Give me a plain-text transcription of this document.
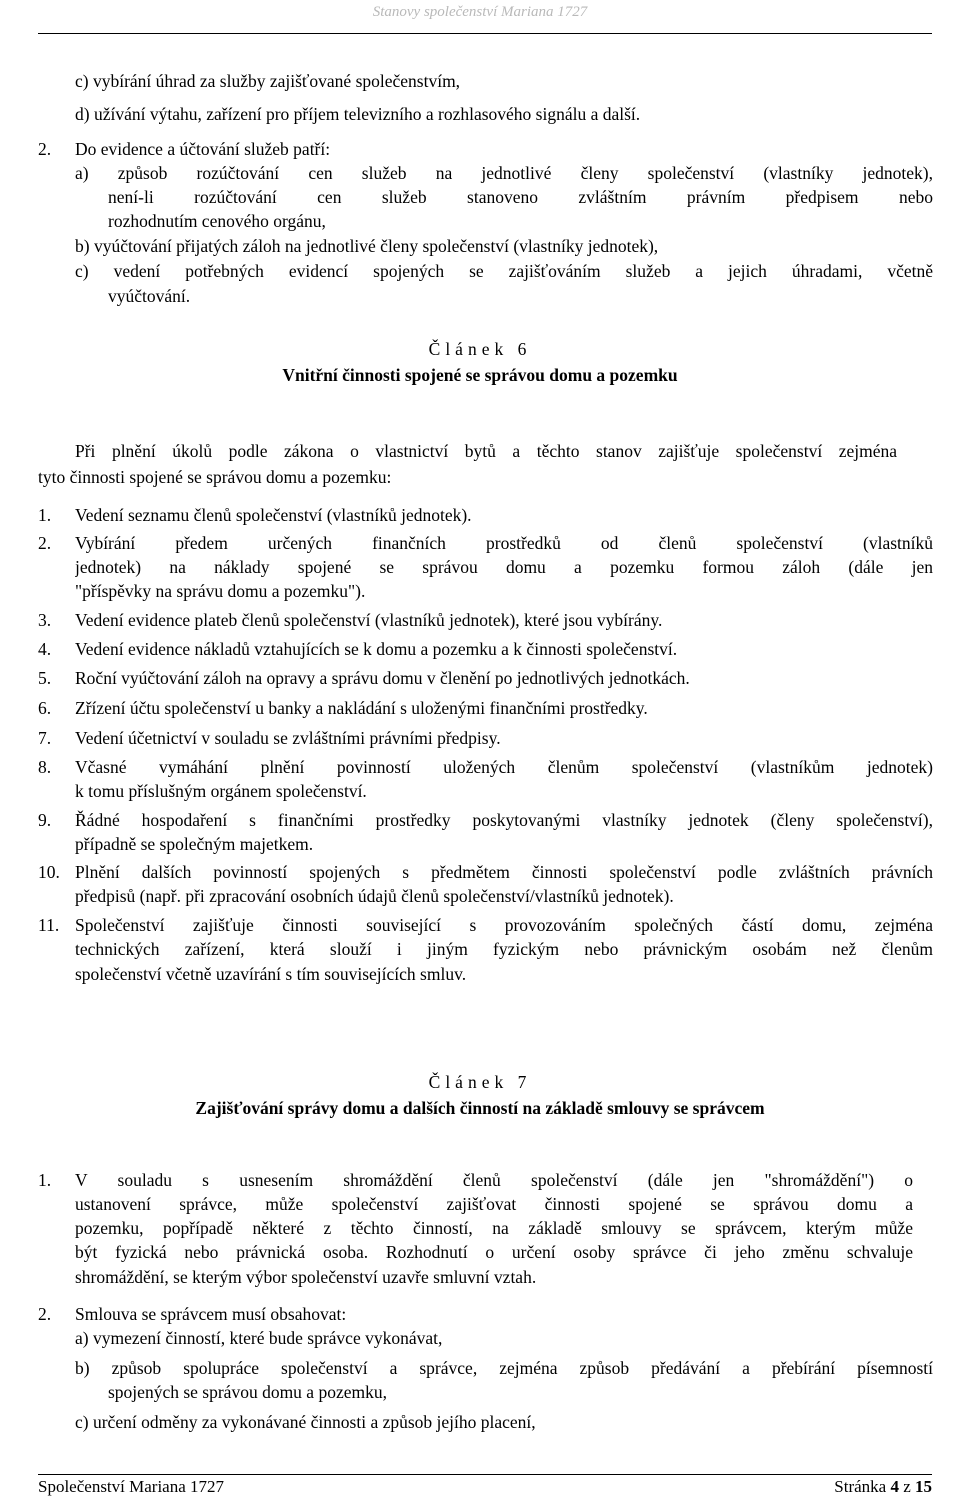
Stanovy společenství Mariana 1727
c) vybírání úhrad za služby zajišťované společenstvím,
d) užívání výtahu, zařízení pro příjem televizního a rozhlasového signálu a další.
2. Do evidence a účtování služeb patří:
a) způsob rozúčtování cen služeb na jednotlivé členy společenství (vlastníky jednotek),
není-li rozúčtování cen služeb stanoveno zvláštním právním předpisem nebo
rozhodnutím cenového orgánu,
b) vyúčtování přijatých záloh na jednotlivé členy společenství (vlastníky jednotek),
c) vedení potřebných evidencí spojených se zajišťováním služeb a jejich úhradami, včetně
vyúčtování.
Článek 6
Vnitřní činnosti spojené se správou domu a pozemku
Při plnění úkolů podle zákona o vlastnictví bytů a těchto stanov zajišťuje společenství zejména
tyto činnosti spojené se správou domu a pozemku:
1. Vedení seznamu členů společenství (vlastníků jednotek).
2. Vybírání předem určených finančních prostředků od členů společenství (vlastníků
jednotek) na náklady spojené se správou domu a pozemku formou záloh (dále jen
"příspěvky na správu domu a pozemku").
3. Vedení evidence plateb členů společenství (vlastníků jednotek), které jsou vybírány.
4. Vedení evidence nákladů vztahujících se k domu a pozemku a k činnosti společenství.
5. Roční vyúčtování záloh na opravy a správu domu v členění po jednotlivých jednotkách.
6. Zřízení účtu společenství u banky a nakládání s uloženými finančními prostředky.
7. Vedení účetnictví v souladu se zvláštními právními předpisy.
8. Včasné vymáhání plnění povinností uložených členům společenství (vlastníkům jednotek)
k tomu příslušným orgánem společenství.
9. Řádné hospodaření s finančními prostředky poskytovanými vlastníky jednotek (členy společenství),
případně se společným majetkem.
10. Plnění dalších povinností spojených s předmětem činnosti společenství podle zvláštních právních
předpisů (např. při zpracování osobních údajů členů společenství/vlastníků jednotek).
11. Společenství zajišťuje činnosti související s provozováním společných částí domu, zejména
technických zařízení, která slouží i jiným fyzickým nebo právnickým osobám než členům
společenství včetně uzavírání s tím souvisejících smluv.
Článek 7
Zajišťování správy domu a dalších činností na základě smlouvy se správcem
1. V souladu s usnesením shromáždění členů společenství (dále jen "shromáždění") o
ustanovení správce, může společenství zajišťovat činnosti spojené se správou domu a
pozemku, popřípadě některé z těchto činností, na základě smlouvy se správcem, kterým může
být fyzická nebo právnická osoba. Rozhodnutí o určení osoby správce či jeho změnu schvaluje
shromáždění, se kterým výbor společenství uzavře smluvní vztah.
2. Smlouva se správcem musí obsahovat:
a) vymezení činností, které bude správce vykonávat,
b) způsob spolupráce společenství a správce, zejména způsob předávání a přebírání písemností
spojených se správou domu a pozemku,
c) určení odměny za vykonávané činnosti a způsob jejího placení,
Společenství Mariana 1727	Stránka 4 z 15
